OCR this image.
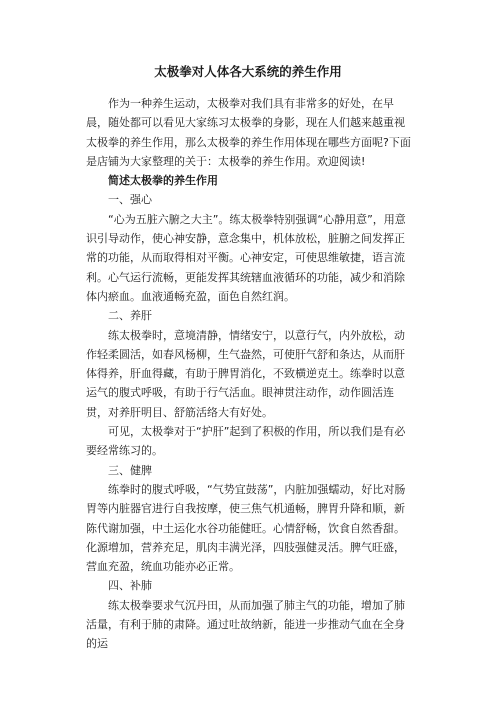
太极拳对人体各大系统的养生作用

作为一种养生运动，太极拳对我们具有非常多的好处，在早晨，随处都可以看见大家练习太极拳的身影，现在人们越来越重视太极拳的养生作用，那么太极拳的养生作用体现在哪些方面呢?下面是店铺为大家整理的关于：太极拳的养生作用。欢迎阅读!

简述太极拳的养生作用

一、强心

“心为五脏六腑之大主”。练太极拳特别强调“心静用意”，用意识引导动作，使心神安静，意念集中，机体放松，脏腑之间发挥正常的功能，从而取得相对平衡。心神安定，可使思维敏捷，语言流利。心气运行流畅，更能发挥其统辖血液循环的功能，减少和消除体内瘀血。血液通畅充盈，面色自然红润。

二、养肝

练太极拳时，意境清静，情绪安宁，以意行气，内外放松，动作轻柔圆活，如春风杨柳，生气盎然，可使肝气舒和条达，从而肝体得养，肝血得藏，有助于脾胃消化，不致横逆克土。练拳时以意运气的腹式呼吸，有助于行气活血。眼神贯注动作，动作圆活连贯，对养肝明目、舒筋活络大有好处。

可见，太极拳对于“护肝”起到了积极的作用，所以我们是有必要经常练习的。

三、健脾

练拳时的腹式呼吸，“气势宜鼓荡”，内脏加强蠕动，好比对肠胃等内脏器官进行自我按摩，使三焦气机通畅，脾胃升降和顺，新陈代谢加强，中土运化水谷功能健旺。心情舒畅，饮食自然香甜。化源增加，营养充足，肌肉丰满光泽，四肢强健灵活。脾气旺盛，营血充盈，统血功能亦必正常。

四、补肺

练太极拳要求气沉丹田，从而加强了肺主气的功能，增加了肺活量，有利于肺的肃降。通过吐故纳新，能进一步推动气血在全身的运
